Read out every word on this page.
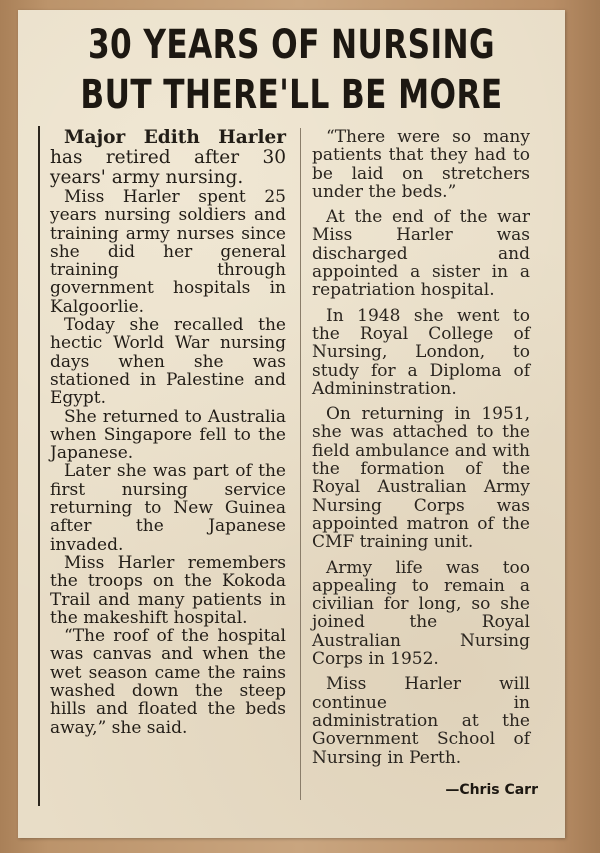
30 YEARS OF NURSING
BUT THERE'LL BE MORE

Major Edith Harler has retired after 30 years' army nursing.

Miss Harler spent 25 years nursing soldiers and training army nurses since she did her general training through government hospitals in Kalgoorlie.

Today she recalled the hectic World War nursing days when she was stationed in Palestine and Egypt.

She returned to Australia when Singapore fell to the Japanese.

Later she was part of the first nursing service returning to New Guinea after the Japanese invaded.

Miss Harler remembers the troops on the Kokoda Trail and many patients in the makeshift hospital.

“The roof of the hospital was canvas and when the wet season came the rains washed down the steep hills and floated the beds away,” she said.

“There were so many patients that they had to be laid on stretchers under the beds.”

At the end of the war Miss Harler was discharged and appointed a sister in a repatriation hospital.

In 1948 she went to the Royal College of Nursing, London, to study for a Diploma of Admininstration.

On returning in 1951, she was attached to the field ambulance and with the formation of the Royal Australian Army Nursing Corps was appointed matron of the CMF training unit.

Army life was too appealing to remain a civilian for long, so she joined the Royal Australian Nursing Corps in 1952.

Miss Harler will continue in administration at the Government School of Nursing in Perth.

—Chris Carr
